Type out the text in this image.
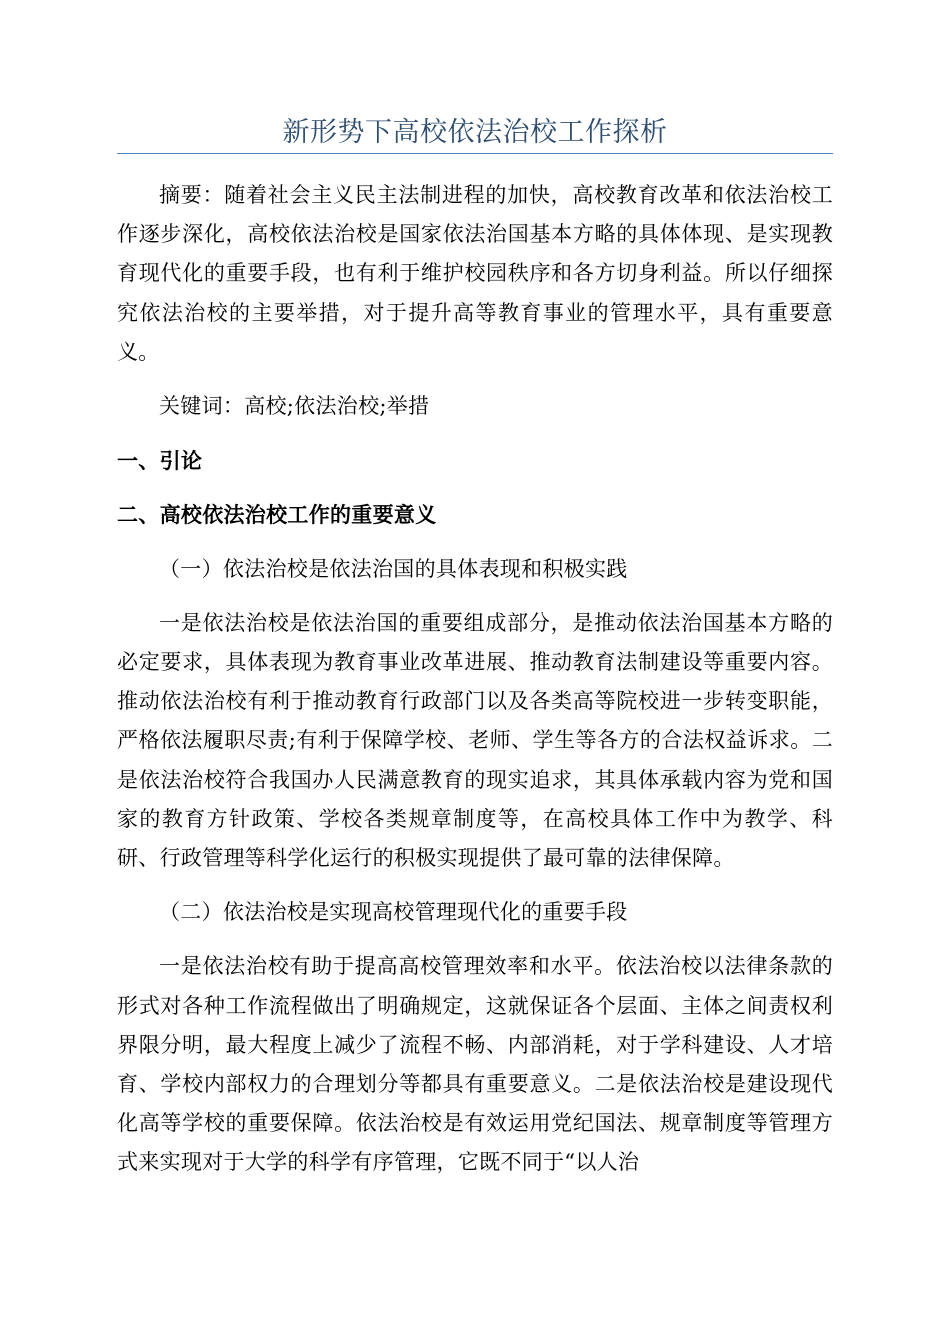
新形势下高校依法治校工作探析

摘要：随着社会主义民主法制进程的加快，高校教育改革和依法治校工作逐步深化，高校依法治校是国家依法治国基本方略的具体体现、是实现教育现代化的重要手段，也有利于维护校园秩序和各方切身利益。所以仔细探究依法治校的主要举措，对于提升高等教育事业的管理水平，具有重要意义。

关键词：高校;依法治校;举措

一、引论

二、高校依法治校工作的重要意义

（一）依法治校是依法治国的具体表现和积极实践

一是依法治校是依法治国的重要组成部分，是推动依法治国基本方略的必定要求，具体表现为教育事业改革进展、推动教育法制建设等重要内容。推动依法治校有利于推动教育行政部门以及各类高等院校进一步转变职能，严格依法履职尽责;有利于保障学校、老师、学生等各方的合法权益诉求。二是依法治校符合我国办人民满意教育的现实追求，其具体承载内容为党和国家的教育方针政策、学校各类规章制度等，在高校具体工作中为教学、科研、行政管理等科学化运行的积极实现提供了最可靠的法律保障。

（二）依法治校是实现高校管理现代化的重要手段

一是依法治校有助于提高高校管理效率和水平。依法治校以法律条款的形式对各种工作流程做出了明确规定，这就保证各个层面、主体之间责权利界限分明，最大程度上减少了流程不畅、内部消耗，对于学科建设、人才培育、学校内部权力的合理划分等都具有重要意义。二是依法治校是建设现代化高等学校的重要保障。依法治校是有效运用党纪国法、规章制度等管理方式来实现对于大学的科学有序管理，它既不同于“以人治
